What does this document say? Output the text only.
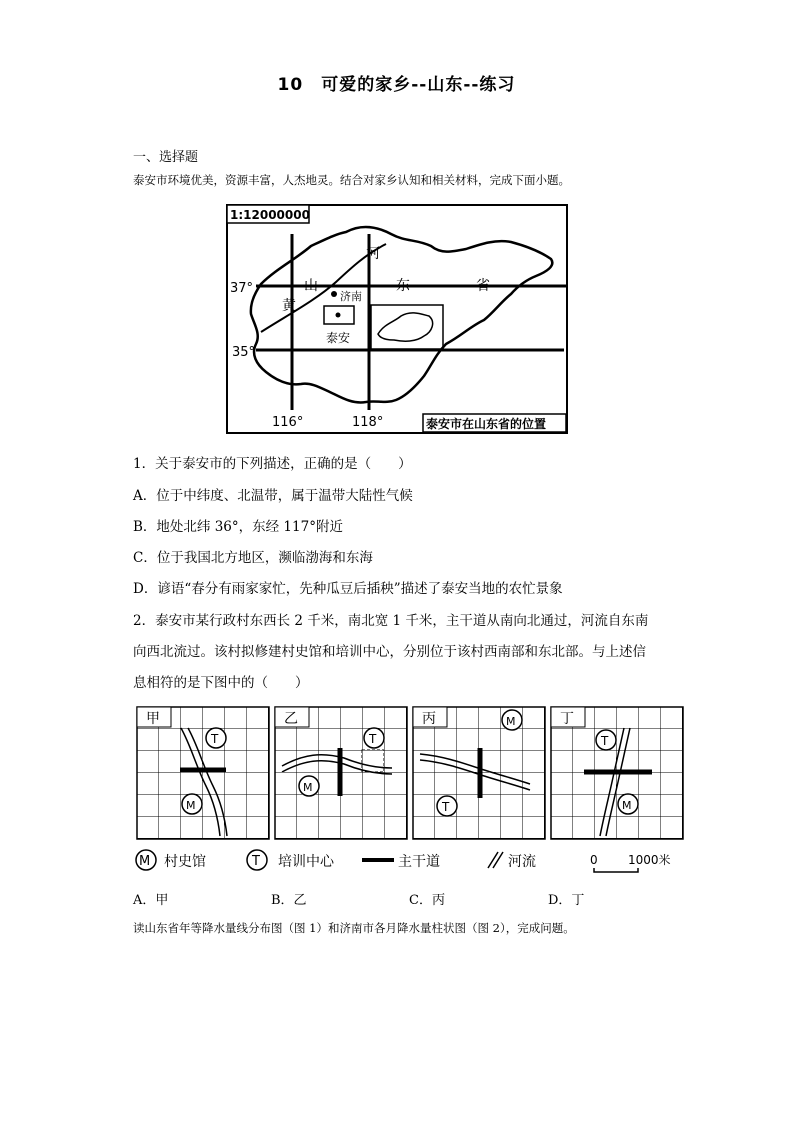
10　可爱的家乡--山东--练习
一、选择题
泰安市环境优美，资源丰富，人杰地灵。结合对家乡认知和相关材料，完成下面小题。
1:12000000
37°
35°
116°	118°
黄
河
山	东	省
济南
泰安
泰安市在山东省的位置
1．关于泰安市的下列描述，正确的是（　　）
A．位于中纬度、北温带，属于温带大陆性气候
B．地处北纬 36°，东经 117°附近
C．位于我国北方地区，濒临渤海和东海
D．谚语“春分有雨家家忙，先种瓜豆后插秧”描述了泰安当地的农忙景象
2．泰安市某行政村东西长 2 千米，南北宽 1 千米，主干道从南向北通过，河流自东南
向西北流过。该村拟修建村史馆和培训中心，分别位于该村西南部和东北部。与上述信
息相符的是下图中的（　　）
甲
T
M
乙
T
M
丙	M
T
丁
T
M
M 村史馆	T 培训中心	主干道	河流	0	1000米
A．甲	B．乙	C．丙	D．丁
读山东省年等降水量线分布图（图 1）和济南市各月降水量柱状图（图 2），完成问题。
